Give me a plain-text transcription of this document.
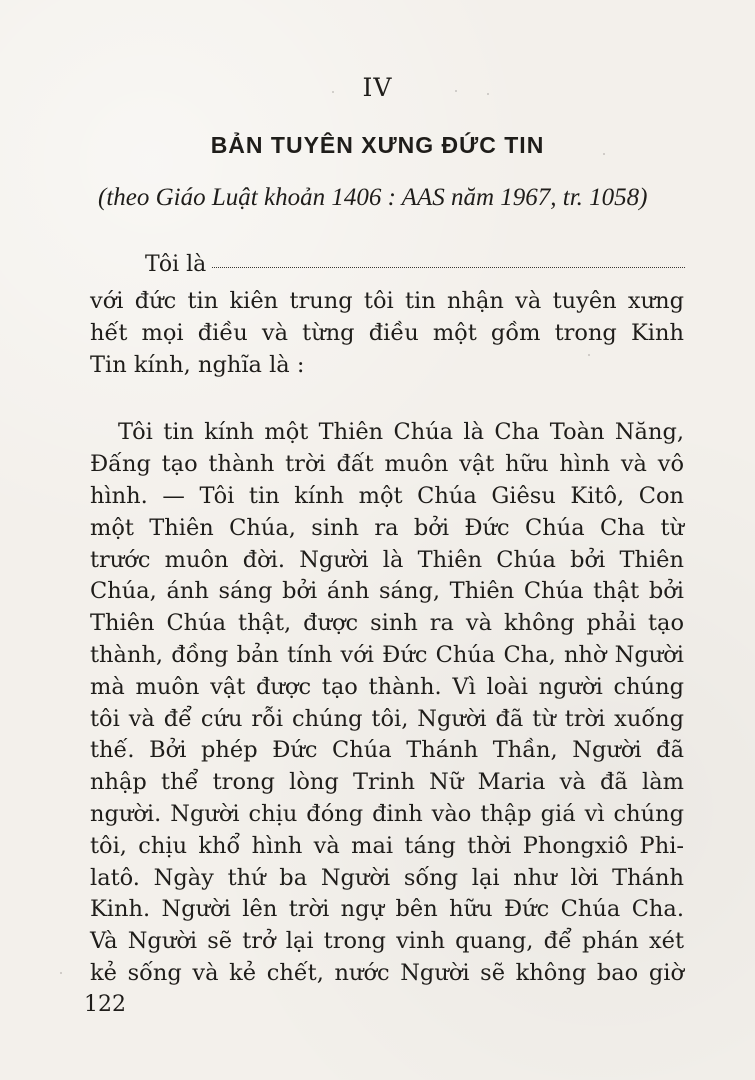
IV
BẢN TUYÊN XƯNG ĐỨC TIN
(theo Giáo Luật khoản 1406 : AAS năm 1967, tr. 1058)
Tôi là
với đức tin kiên trung tôi tin nhận và tuyên xưng
hết mọi điều và từng điều một gồm trong Kinh
Tin kính, nghĩa là :
Tôi tin kính một Thiên Chúa là Cha Toàn Năng,
Đấng tạo thành trời đất muôn vật hữu hình và vô
hình. — Tôi tin kính một Chúa Giêsu Kitô, Con
một Thiên Chúa, sinh ra bởi Đức Chúa Cha từ
trước muôn đời. Người là Thiên Chúa bởi Thiên
Chúa, ánh sáng bởi ánh sáng, Thiên Chúa thật bởi
Thiên Chúa thật, được sinh ra và không phải tạo
thành, đồng bản tính với Đức Chúa Cha, nhờ Người
mà muôn vật được tạo thành. Vì loài người chúng
tôi và để cứu rỗi chúng tôi, Người đã từ trời xuống
thế. Bởi phép Đức Chúa Thánh Thần, Người đã
nhập thể trong lòng Trinh Nữ Maria và đã làm
người. Người chịu đóng đinh vào thập giá vì chúng
tôi, chịu khổ hình và mai táng thời Phongxiô Phi-
latô. Ngày thứ ba Người sống lại như lời Thánh
Kinh. Người lên trời ngự bên hữu Đức Chúa Cha.
Và Người sẽ trở lại trong vinh quang, để phán xét
kẻ sống và kẻ chết, nước Người sẽ không bao giờ
122
